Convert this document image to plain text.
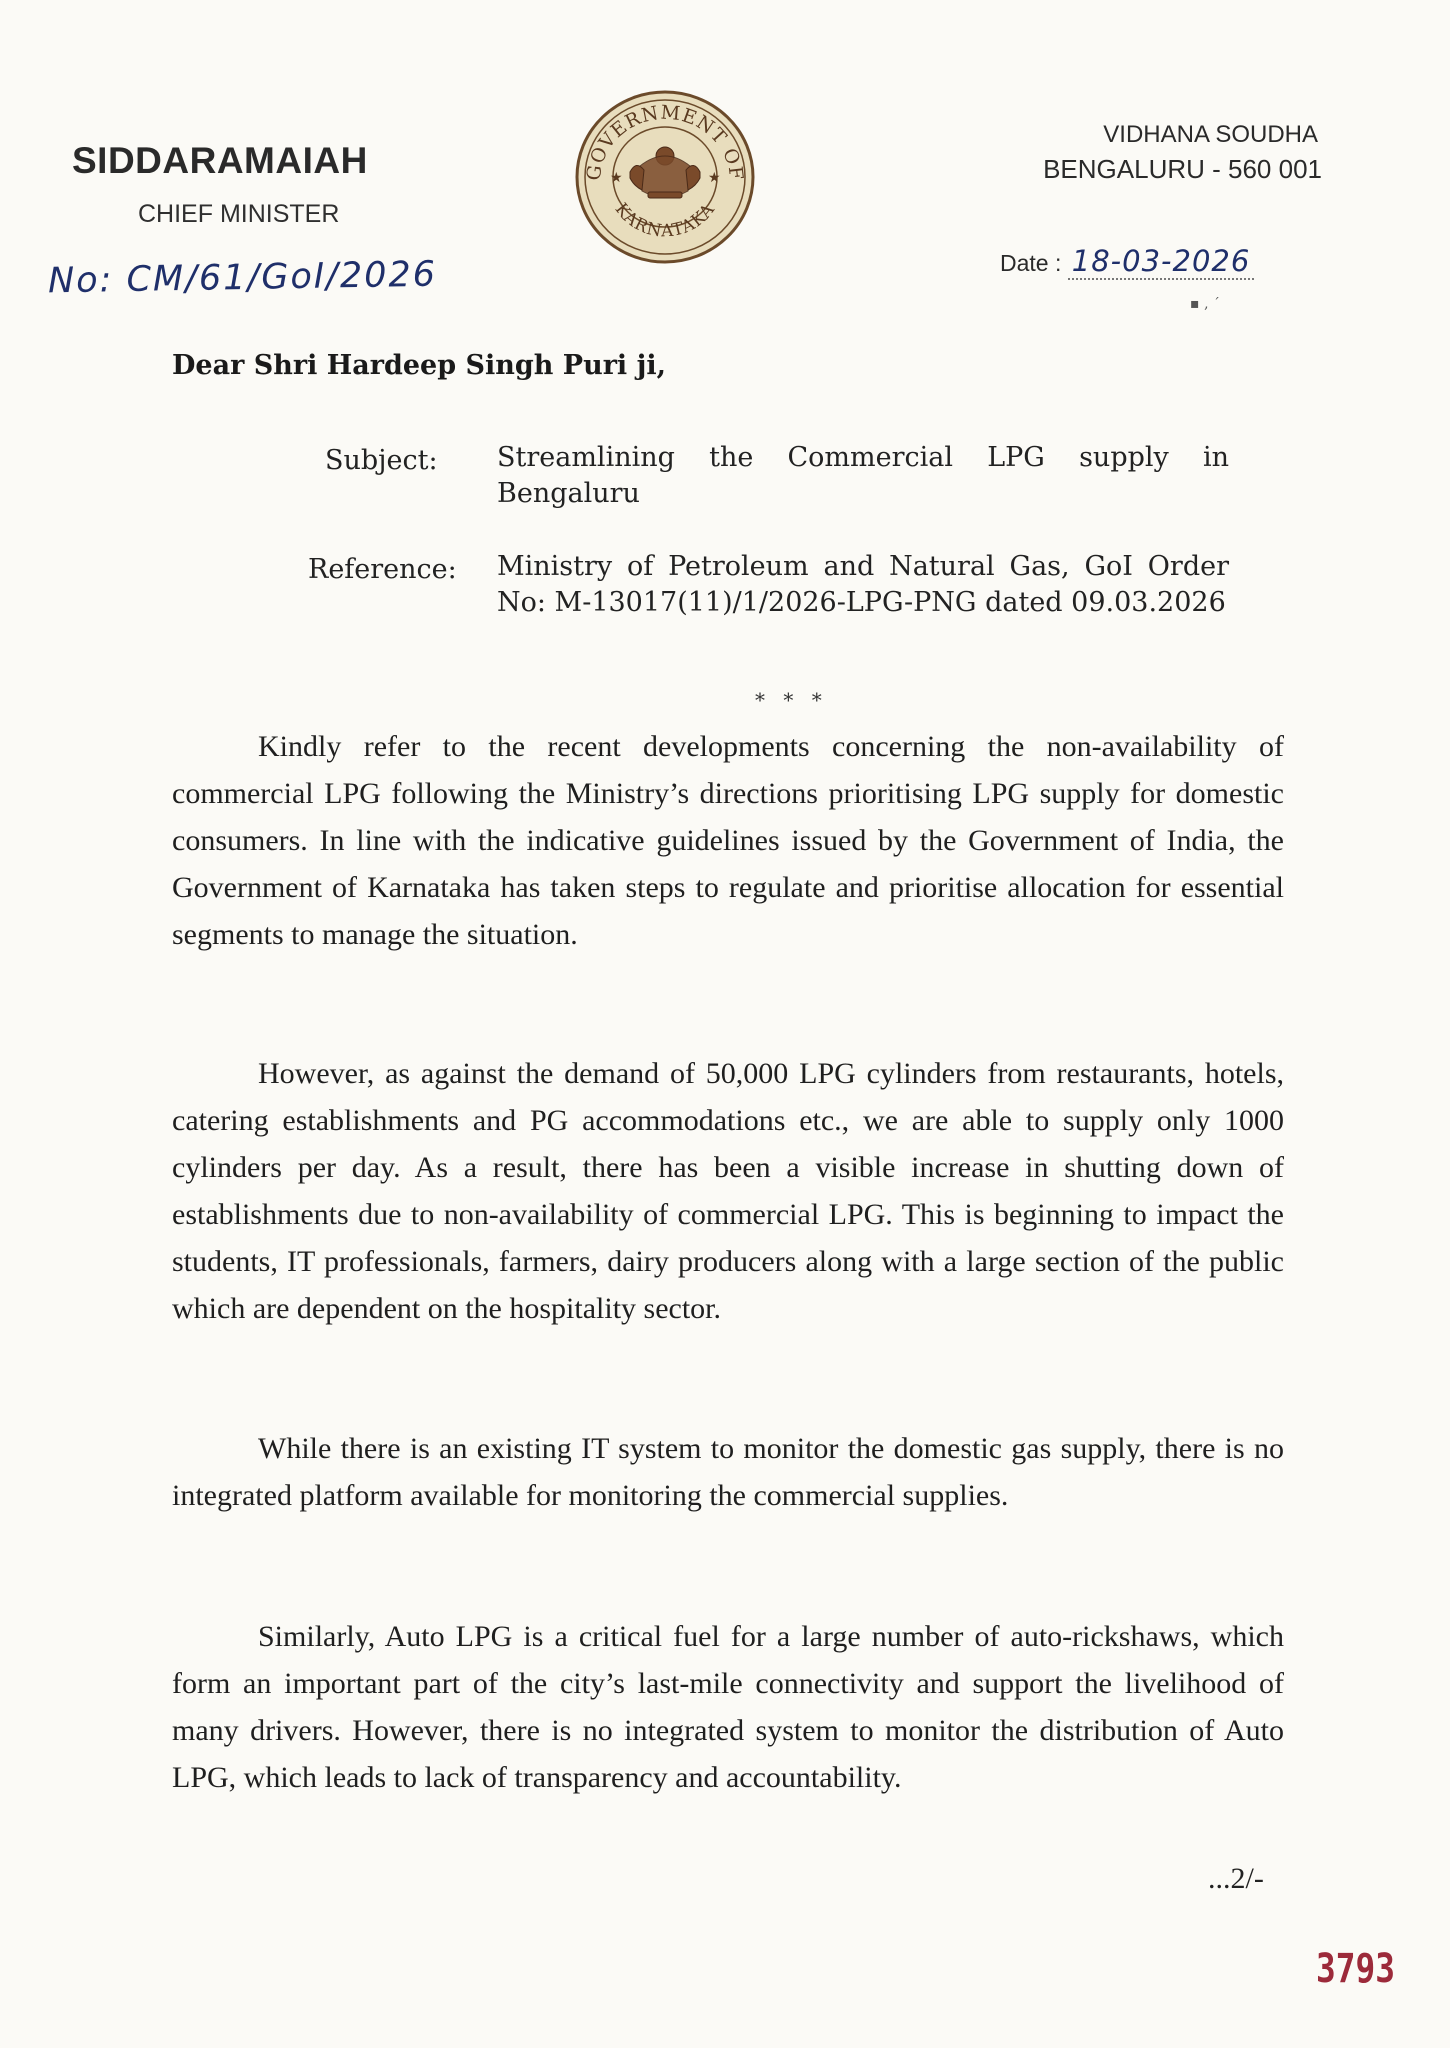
SIDDARAMAIAH
CHIEF MINISTER
No: CM/61/GoI/2026
GOVERNMENT OF
KARNATAKA
★	★
VIDHANA SOUDHA
BENGALURU - 560 001
Date : 18-03-2026
▪ ‚ ´
Dear Shri Hardeep Singh Puri ji,
Subject: Streamlining the Commercial LPG supply in Bengaluru
Reference: Ministry of Petroleum and Natural Gas, GoI Order No: M-13017(11)/1/2026-LPG-PNG dated 09.03.2026
* * *

Kindly refer to the recent developments concerning the non-availability of commercial LPG following the Ministry’s directions prioritising LPG supply for domestic consumers. In line with the indicative guidelines issued by the Government of India, the Government of Karnataka has taken steps to regulate and prioritise allocation for essential segments to manage the situation.

However, as against the demand of 50,000 LPG cylinders from restaurants, hotels, catering establishments and PG accommodations etc., we are able to supply only 1000 cylinders per day. As a result, there has been a visible increase in shutting down of establishments due to non-availability of commercial LPG. This is beginning to impact the students, IT professionals, farmers, dairy producers along with a large section of the public which are dependent on the hospitality sector.

While there is an existing IT system to monitor the domestic gas supply, there is no integrated platform available for monitoring the commercial supplies.

Similarly, Auto LPG is a critical fuel for a large number of auto-rickshaws, which form an important part of the city’s last-mile connectivity and support the livelihood of many drivers. However, there is no integrated system to monitor the distribution of Auto LPG, which leads to lack of transparency and accountability.

...2/-
3793
